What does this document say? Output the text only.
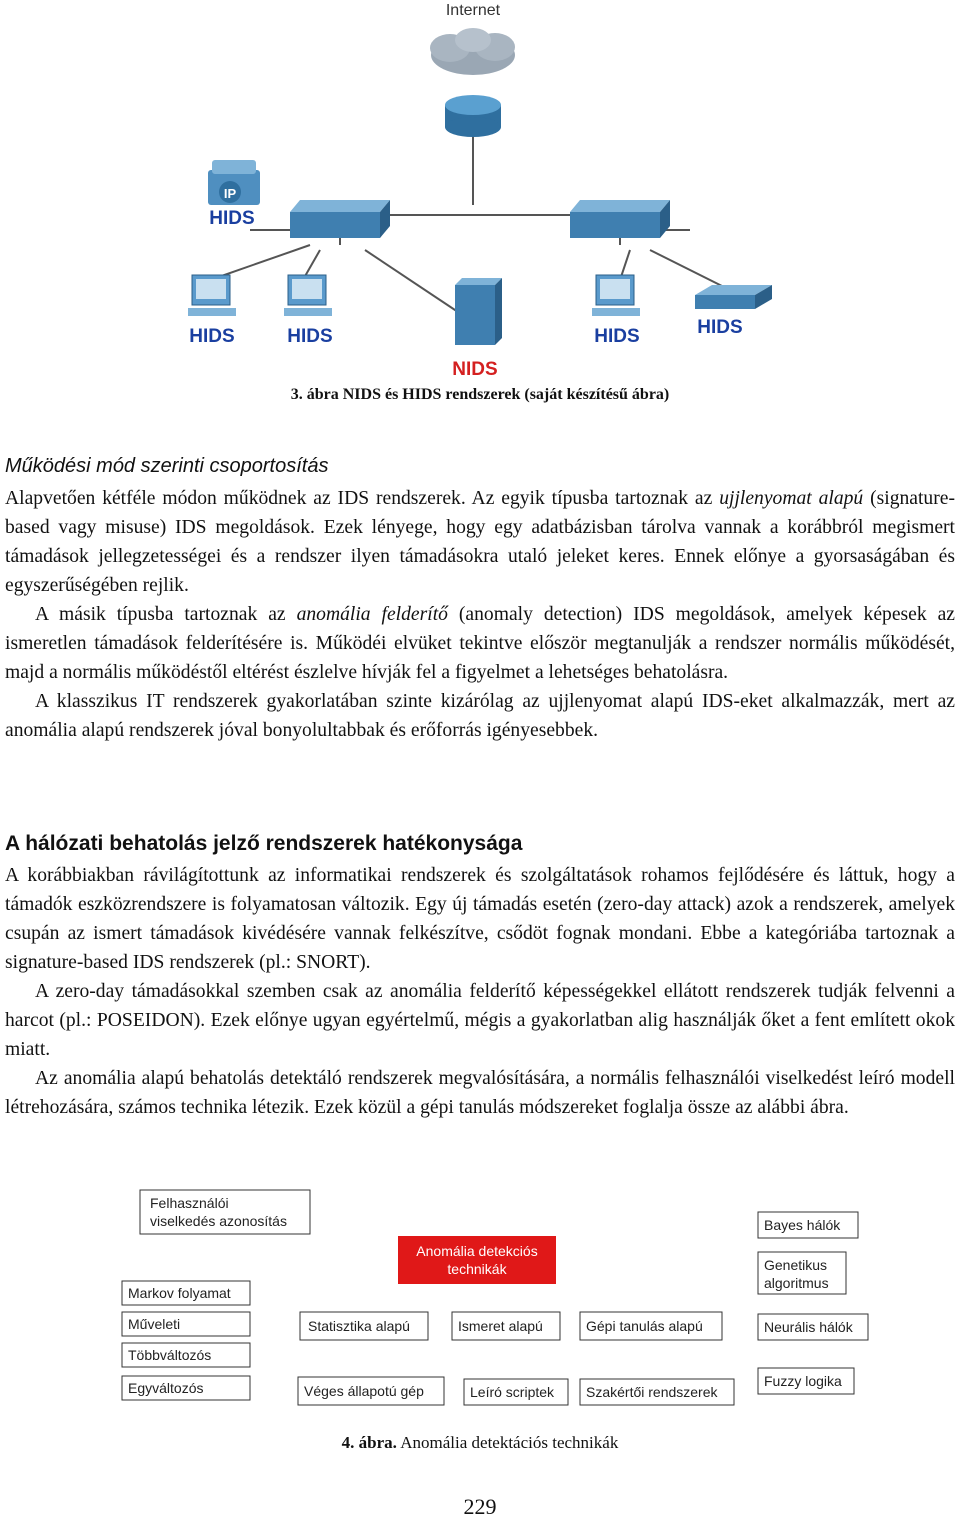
Internet
IP
HIDS
HIDS	HIDS	HIDS	HIDS
NIDS
3. ábra NIDS és HIDS rendszerek (saját készítésű ábra)
Működési mód szerinti csoportosítás

Alapvetően kétféle módon működnek az IDS rendszerek. Az egyik típusba tartoznak az ujjlenyomat alapú (signature-based vagy misuse) IDS megoldások. Ezek lényege, hogy egy adatbázisban tárolva vannak a korábbról megismert támadások jellegzetességei és a rendszer ilyen támadásokra utaló jeleket keres. Ennek előnye a gyorsaságában és egyszerűségében rejlik.

A másik típusba tartoznak az anomália felderítő (anomaly detection) IDS megoldások, amelyek képesek az ismeretlen támadások felderítésére is. Működéi elvüket tekintve először megtanulják a rendszer normális működését, majd a normális működéstől eltérést észlelve hívják fel a figyelmet a lehetséges behatolásra.

A klasszikus IT rendszerek gyakorlatában szinte kizárólag az ujjlenyomat alapú IDS-eket alkalmazzák, mert az anomália alapú rendszerek jóval bonyolultabbak és erőforrás igényesebbek.

A hálózati behatolás jelző rendszerek hatékonysága

A korábbiakban rávilágítottunk az informatikai rendszerek és szolgáltatások rohamos fejlődésére és láttuk, hogy a támadók eszközrendszere is folyamatosan változik. Egy új támadás esetén (zero-day attack) azok a rendszerek, amelyek csupán az ismert támadások kivédésére vannak felkészítve, csődöt fognak mondani. Ebbe a kategóriába tartoznak a signature-based IDS rendszerek (pl.: SNORT).

A zero-day támadásokkal szemben csak az anomália felderítő képességekkel ellátott rendszerek tudják felvenni a harcot (pl.: POSEIDON). Ezek előnye ugyan egyértelmű, mégis a gyakorlatban alig használják őket a fent említett okok miatt.

Az anomália alapú behatolás detektáló rendszerek megvalósítására, a normális felhasználói viselkedést leíró modell létrehozására, számos technika létezik. Ezek közül a gépi tanulás módszereket foglalja össze az alábbi ábra.

Felhasználói
viselkedés azonosítás
Anomália detekciós
technikák
Markov folyamat
Műveleti
Többváltozós
Egyváltozós
Statisztika alapú	Ismeret alapú	Gépi tanulás alapú
Véges állapotú gép	Leíró scriptek Szakértői rendszerek
Bayes hálók
Genetikus
algoritmus
Neurális hálók
Fuzzy logika
4. ábra. Anomália detektációs technikák
229
